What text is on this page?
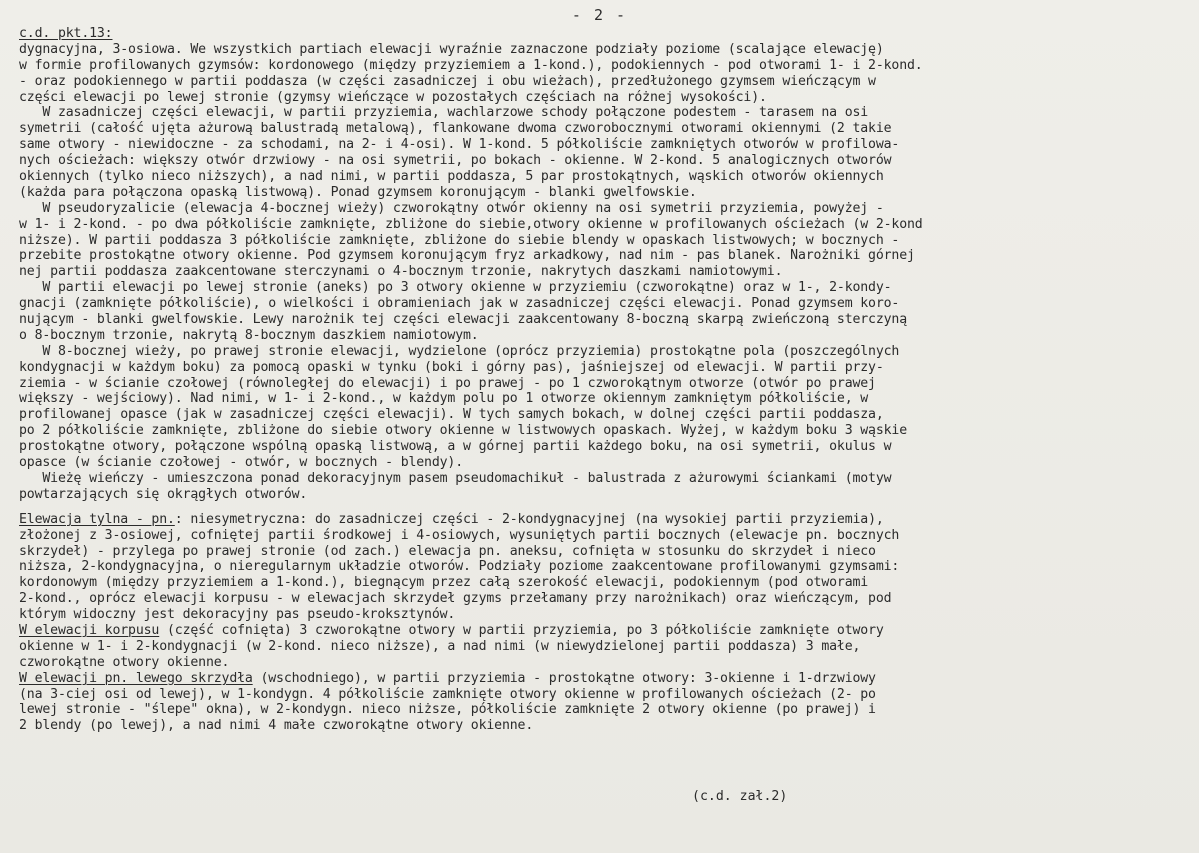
- 2 -
c.d. pkt.13:
dygnacyjna, 3-osiowa. We wszystkich partiach elewacji wyraźnie zaznaczone podziały poziome (scalające elewację)
w formie profilowanych gzymsów: kordonowego (między przyziemiem a 1-kond.), podokiennych - pod otworami 1- i 2-kond.
- oraz podokiennego w partii poddasza (w części zasadniczej i obu wieżach), przedłużonego gzymsem wieńczącym w
części elewacji po lewej stronie (gzymsy wieńczące w pozostałych częściach na różnej wysokości).
W zasadniczej części elewacji, w partii przyziemia, wachlarzowe schody połączone podestem - tarasem na osi
symetrii (całość ujęta ażurową balustradą metalową), flankowane dwoma czworobocznymi otworami okiennymi (2 takie
same otwory - niewidoczne - za schodami, na 2- i 4-osi). W 1-kond. 5 półkoliście zamkniętych otworów w profilowa-
nych ościeżach: większy otwór drzwiowy - na osi symetrii, po bokach - okienne. W 2-kond. 5 analogicznych otworów
okiennych (tylko nieco niższych), a nad nimi, w partii poddasza, 5 par prostokątnych, wąskich otworów okiennych
(każda para połączona opaską listwową). Ponad gzymsem koronującym - blanki gwelfowskie.
W pseudoryzalicie (elewacja 4-bocznej wieży) czworokątny otwór okienny na osi symetrii przyziemia, powyżej -
w 1- i 2-kond. - po dwa półkoliście zamknięte, zbliżone do siebie,otwory okienne w profilowanych ościeżach (w 2-kond
niższe). W partii poddasza 3 półkoliście zamknięte, zbliżone do siebie blendy w opaskach listwowych; w bocznych -
przebite prostokątne otwory okienne. Pod gzymsem koronującym fryz arkadkowy, nad nim - pas blanek. Narożniki górnej
nej partii poddasza zaakcentowane sterczynami o 4-bocznym trzonie, nakrytych daszkami namiotowymi.
W partii elewacji po lewej stronie (aneks) po 3 otwory okienne w przyziemiu (czworokątne) oraz w 1-, 2-kondy-
gnacji (zamknięte półkoliście), o wielkości i obramieniach jak w zasadniczej części elewacji. Ponad gzymsem koro-
nującym - blanki gwelfowskie. Lewy narożnik tej części elewacji zaakcentowany 8-boczną skarpą zwieńczoną sterczyną
o 8-bocznym trzonie, nakrytą 8-bocznym daszkiem namiotowym.
W 8-bocznej wieży, po prawej stronie elewacji, wydzielone (oprócz przyziemia) prostokątne pola (poszczególnych
kondygnacji w każdym boku) za pomocą opaski w tynku (boki i górny pas), jaśniejszej od elewacji. W partii przy-
ziemia - w ścianie czołowej (równoległej do elewacji) i po prawej - po 1 czworokątnym otworze (otwór po prawej
większy - wejściowy). Nad nimi, w 1- i 2-kond., w każdym polu po 1 otworze okiennym zamkniętym półkoliście, w
profilowanej opasce (jak w zasadniczej części elewacji). W tych samych bokach, w dolnej części partii poddasza,
po 2 półkoliście zamknięte, zbliżone do siebie otwory okienne w listwowych opaskach. Wyżej, w każdym boku 3 wąskie
prostokątne otwory, połączone wspólną opaską listwową, a w górnej partii każdego boku, na osi symetrii, okulus w
opasce (w ścianie czołowej - otwór, w bocznych - blendy).
Wieżę wieńczy - umieszczona ponad dekoracyjnym pasem pseudomachikuł - balustrada z ażurowymi ściankami (motyw
powtarzających się okrągłych otworów.
Elewacja tylna - pn.: niesymetryczna: do zasadniczej części - 2-kondygnacyjnej (na wysokiej partii przyziemia),
złożonej z 3-osiowej, cofniętej partii środkowej i 4-osiowych, wysuniętych partii bocznych (elewacje pn. bocznych
skrzydeł) - przylega po prawej stronie (od zach.) elewacja pn. aneksu, cofnięta w stosunku do skrzydeł i nieco
niższa, 2-kondygnacyjna, o nieregularnym układzie otworów. Podziały poziome zaakcentowane profilowanymi gzymsami:
kordonowym (między przyziemiem a 1-kond.), biegnącym przez całą szerokość elewacji, podokiennym (pod otworami
2-kond., oprócz elewacji korpusu - w elewacjach skrzydeł gzyms przełamany przy narożnikach) oraz wieńczącym, pod
którym widoczny jest dekoracyjny pas pseudo-kroksztynów.
W elewacji korpusu (część cofnięta) 3 czworokątne otwory w partii przyziemia, po 3 półkoliście zamknięte otwory
okienne w 1- i 2-kondygnacji (w 2-kond. nieco niższe), a nad nimi (w niewydzielonej partii poddasza) 3 małe,
czworokątne otwory okienne.
W elewacji pn. lewego skrzydła (wschodniego), w partii przyziemia - prostokątne otwory: 3-okienne i 1-drzwiowy
(na 3-ciej osi od lewej), w 1-kondygn. 4 półkoliście zamknięte otwory okienne w profilowanych ościeżach (2- po
lewej stronie - "ślepe" okna), w 2-kondygn. nieco niższe, półkoliście zamknięte 2 otwory okienne (po prawej) i
2 blendy (po lewej), a nad nimi 4 małe czworokątne otwory okienne.
(c.d. zał.2)
